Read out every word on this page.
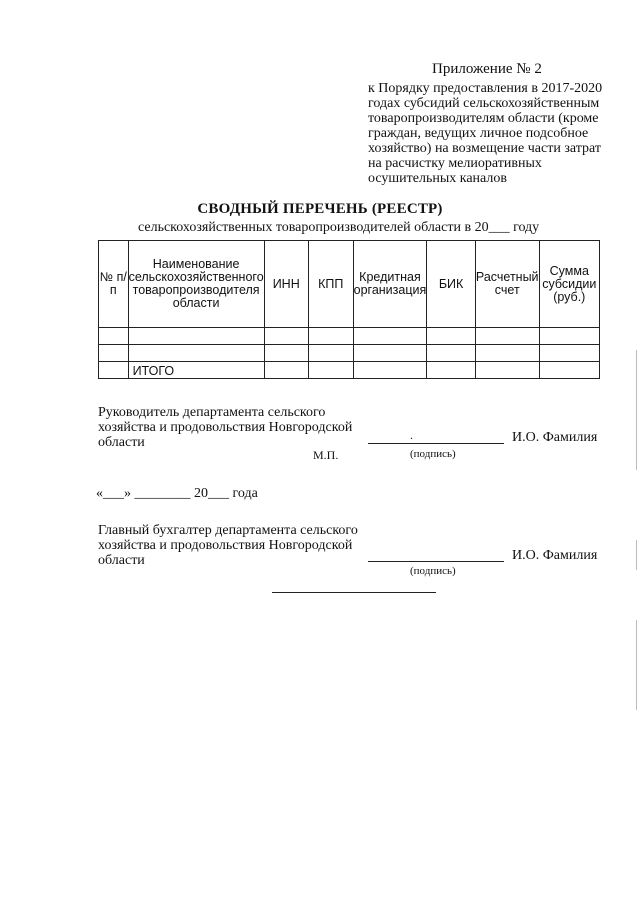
Приложение № 2
к Порядку предоставления в 2017-2020 годах субсидий сельскохозяйственным товаропроизводителям области (кроме граждан, ведущих личное подсобное хозяйство) на возмещение части затрат на расчистку мелиоративных осушительных каналов
СВОДНЫЙ ПЕРЕЧЕНЬ (РЕЕСТР)
сельскохозяйственных товаропроизводителей области в 20___ году
№ п/п	Наименование сельскохозяйственного товаропроизводителя области	ИНН	КПП	Кредитная организация	БИК	Расчетный счет	Сумма субсидии (руб.)

	ИТОГО						
Руководитель департамента сельского хозяйства и продовольствия Новгородской области	.	И.О. Фамилия
(подпись)
М.П.
«___» ________ 20___ года
Главный бухгалтер департамента сельского хозяйства и продовольствия Новгородской области	И.О. Фамилия
(подпись)
